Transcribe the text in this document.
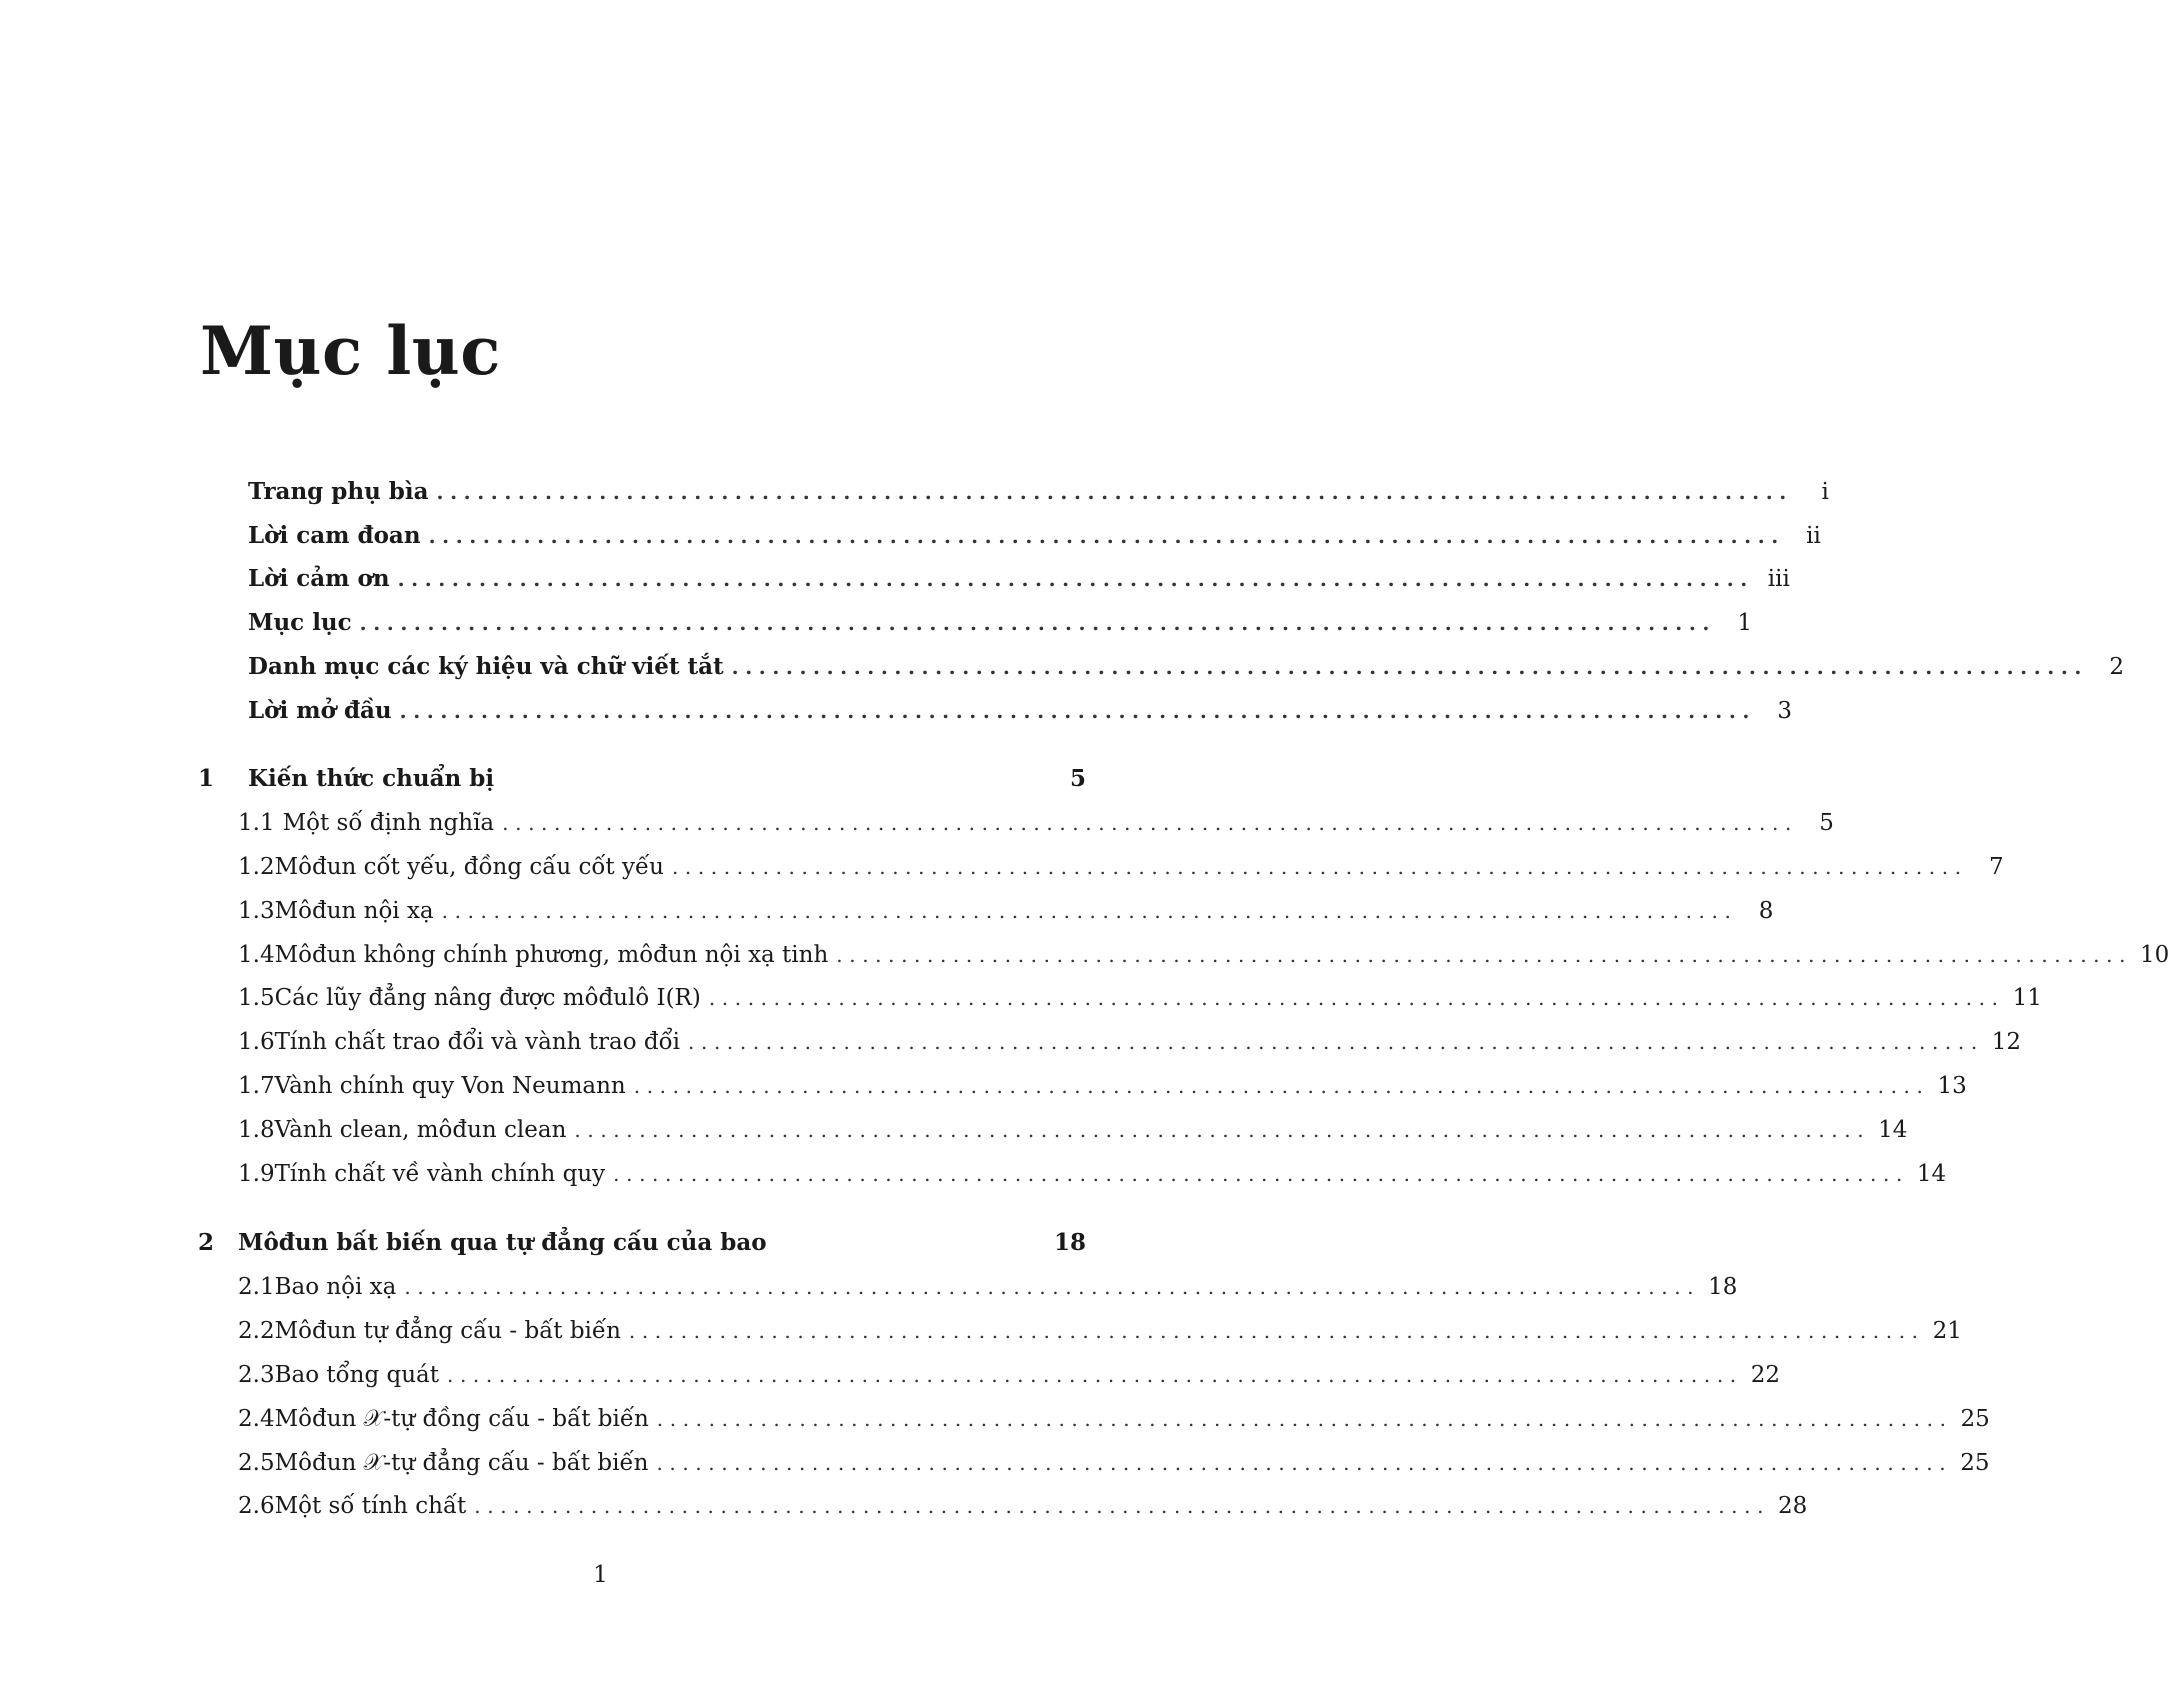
Mục lục
Trang phụ bìa ....................................................................................................	i
Lời cam đoan .................................................................................................... ii
Lời cảm ơn .................................................................................................... iii
Mục lục .................................................................................................... 1
Danh mục các ký hiệu và chữ viết tắt .................................................................................................... 2
Lời mở đầu .................................................................................................... 3
1	Kiến thức chuẩn bị	5
1.1 Một số định nghĩa .................................................................................................... 5
1.2 Môđun cốt yếu, đồng cấu cốt yếu .................................................................................................... 7
1.3 Môđun nội xạ .................................................................................................... 8
1.4 Môđun không chính phương, môđun nội xạ tinh .................................................................................................... 10
1.5 Các lũy đẳng nâng được môđulô I(R) .................................................................................................... 11
1.6 Tính chất trao đổi và vành trao đổi .................................................................................................... 12
1.7 Vành chính quy Von Neumann .................................................................................................... 13
1.8 Vành clean, môđun clean .................................................................................................... 14
1.9 Tính chất về vành chính quy .................................................................................................... 14
2	Môđun bất biến qua tự đẳng cấu của bao	18
2.1 Bao nội xạ .................................................................................................... 18
2.2 Môđun tự đẳng cấu - bất biến .................................................................................................... 21
2.3 Bao tổng quát .................................................................................................... 22
2.4 Môđun 𝒳-tự đồng cấu - bất biến .................................................................................................... 25
2.5 Môđun 𝒳-tự đẳng cấu - bất biến .................................................................................................... 25
2.6 Một số tính chất .................................................................................................... 28
1
